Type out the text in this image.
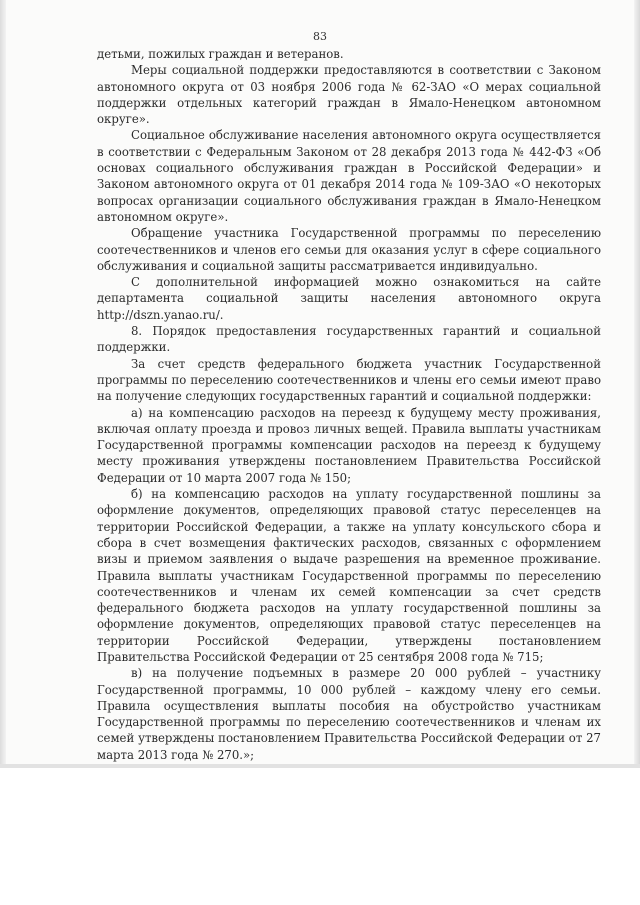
83

детьми, пожилых граждан и ветеранов.

Меры социальной поддержки предоставляются в соответствии с Законом автономного округа от 03 ноября 2006 года № 62-ЗАО «О мерах социальной поддержки отдельных категорий граждан в Ямало-Ненецком автономном округе».

Социальное обслуживание населения автономного округа осуществляется в соответствии с Федеральным Законом от 28 декабря 2013 года № 442-ФЗ «Об основах социального обслуживания граждан в Российской Федерации» и Законом автономного округа от 01 декабря 2014 года № 109-ЗАО «О некоторых вопросах организации социального обслуживания граждан в Ямало-Ненецком автономном округе».

Обращение участника Государственной программы по переселению соотечественников и членов его семьи для оказания услуг в сфере социального обслуживания и социальной защиты рассматривается индивидуально.

С дополнительной информацией можно ознакомиться на сайте департамента социальной защиты населения автономного округа http://dszn.yanao.ru/.

8. Порядок предоставления государственных гарантий и социальной поддержки.

За счет средств федерального бюджета участник Государственной программы по переселению соотечественников и члены его семьи имеют право на получение следующих государственных гарантий и социальной поддержки:

а) на компенсацию расходов на переезд к будущему месту проживания, включая оплату проезда и провоз личных вещей. Правила выплаты участникам Государственной программы компенсации расходов на переезд к будущему месту проживания утверждены постановлением Правительства Российской Федерации от 10 марта 2007 года № 150;

б) на компенсацию расходов на уплату государственной пошлины за оформление документов, определяющих правовой статус переселенцев на территории Российской Федерации, а также на уплату консульского сбора и сбора в счет возмещения фактических расходов, связанных с оформлением визы и приемом заявления о выдаче разрешения на временное проживание. Правила выплаты участникам Государственной программы по переселению соотечественников и членам их семей компенсации за счет средств федерального бюджета расходов на уплату государственной пошлины за оформление документов, определяющих правовой статус переселенцев на территории Российской Федерации, утверждены постановлением Правительства Российской Федерации от 25 сентября 2008 года № 715;

в) на получение подъемных в размере 20 000 рублей – участнику Государственной программы, 10 000 рублей – каждому члену его семьи. Правила осуществления выплаты пособия на обустройство участникам Государственной программы по переселению соотечественников и членам их семей утверждены постановлением Правительства Российской Федерации от 27 марта 2013 года № 270.»;
